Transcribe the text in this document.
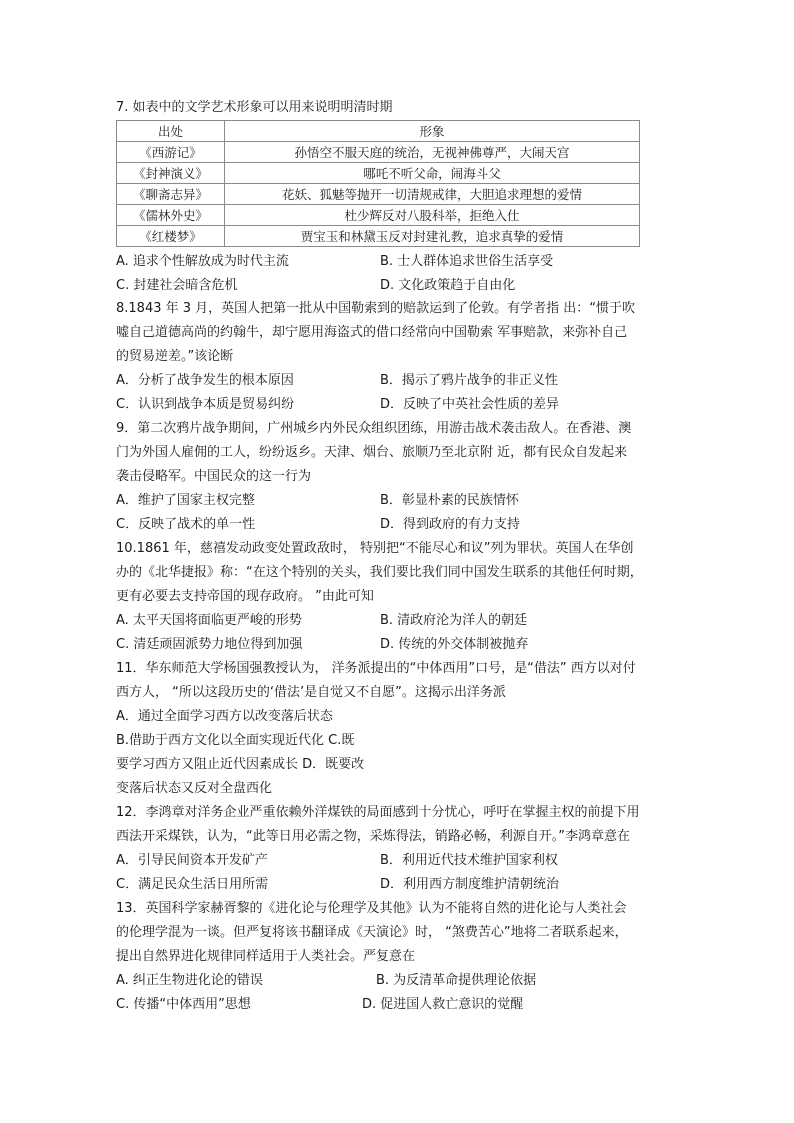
7. 如表中的文学艺术形象可以用来说明明清时期
出处	形象
《西游记》	孙悟空不服天庭的统治，无视神佛尊严，大闹天宫
《封神演义》	哪吒不听父命，闹海斗父
《聊斋志异》	花妖、狐魅等抛开一切清规戒律，大胆追求理想的爱情
《儒林外史》	杜少辉反对八股科举，拒绝入仕
《红楼梦》	贾宝玉和林黛玉反对封建礼教，追求真挚的爱情
A. 追求个性解放成为时代主流	B. 士人群体追求世俗生活享受
C. 封建社会暗含危机	D. 文化政策趋于自由化
8.1843 年 3 月，英国人把第一批从中国勒索到的赔款运到了伦敦。有学者指 出：“惯于吹
嘘自己道德高尚的约翰牛，却宁愿用海盗式的借口经常向中国勒索 军事赔款，来弥补自己
的贸易逆差。”该论断
A．分析了战争发生的根本原因	B．揭示了鸦片战争的非正义性
C．认识到战争本质是贸易纠纷	D．反映了中英社会性质的差异
9．第二次鸦片战争期间，广州城乡内外民众组织团练，用游击战术袭击敌人。在香港、澳
门为外国人雇佣的工人，纷纷返乡。天津、烟台、旅顺乃至北京附 近，都有民众自发起来
袭击侵略军。中国民众的这一行为
A．维护了国家主权完整	B．彰显朴素的民族情怀
C．反映了战术的单一性	D．得到政府的有力支持
10.1861 年，慈禧发动政变处置政敌时， 特别把“不能尽心和议”列为罪状。英国人在华创
办的《北华捷报》称：“在这个特别的关头，我们要比我们同中国发生联系的其他任何时期，
更有必要去支持帝国的现存政府。 ”由此可知
A. 太平天国将面临更严峻的形势	B. 清政府沦为洋人的朝廷
C. 清廷顽固派势力地位得到加强	D. 传统的外交体制被抛弃
11．华东师范大学杨国强教授认为， 洋务派提出的“中体西用”口号，是“借法” 西方以对付
西方人， “所以这段历史的‘借法’是自觉又不自愿”。这揭示出洋务派
A．通过全面学习西方以改变落后状态
B.借助于西方文化以全面实现近代化 C.既
要学习西方又阻止近代因素成长 D．既要改
变落后状态又反对全盘西化
12．李鸿章对洋务企业严重依赖外洋煤铁的局面感到十分忧心，呼吁在掌握主权的前提下用
西法开采煤铁，认为，“此等日用必需之物，采炼得法，销路必畅，利源自开。”李鸿章意在
A．引导民间资本开发矿产	B．利用近代技术维护国家利权
C．满足民众生活日用所需	D．利用西方制度维护清朝统治
13．英国科学家赫胥黎的《进化论与伦理学及其他》认为不能将自然的进化论与人类社会
的伦理学混为一谈。但严复将该书翻译成《天演论》时， “煞费苦心”地将二者联系起来，
提出自然界进化规律同样适用于人类社会。严复意在
A. 纠正生物进化论的错误	B. 为反清革命提供理论依据
C. 传播“中体西用”思想	D. 促进国人救亡意识的觉醒
